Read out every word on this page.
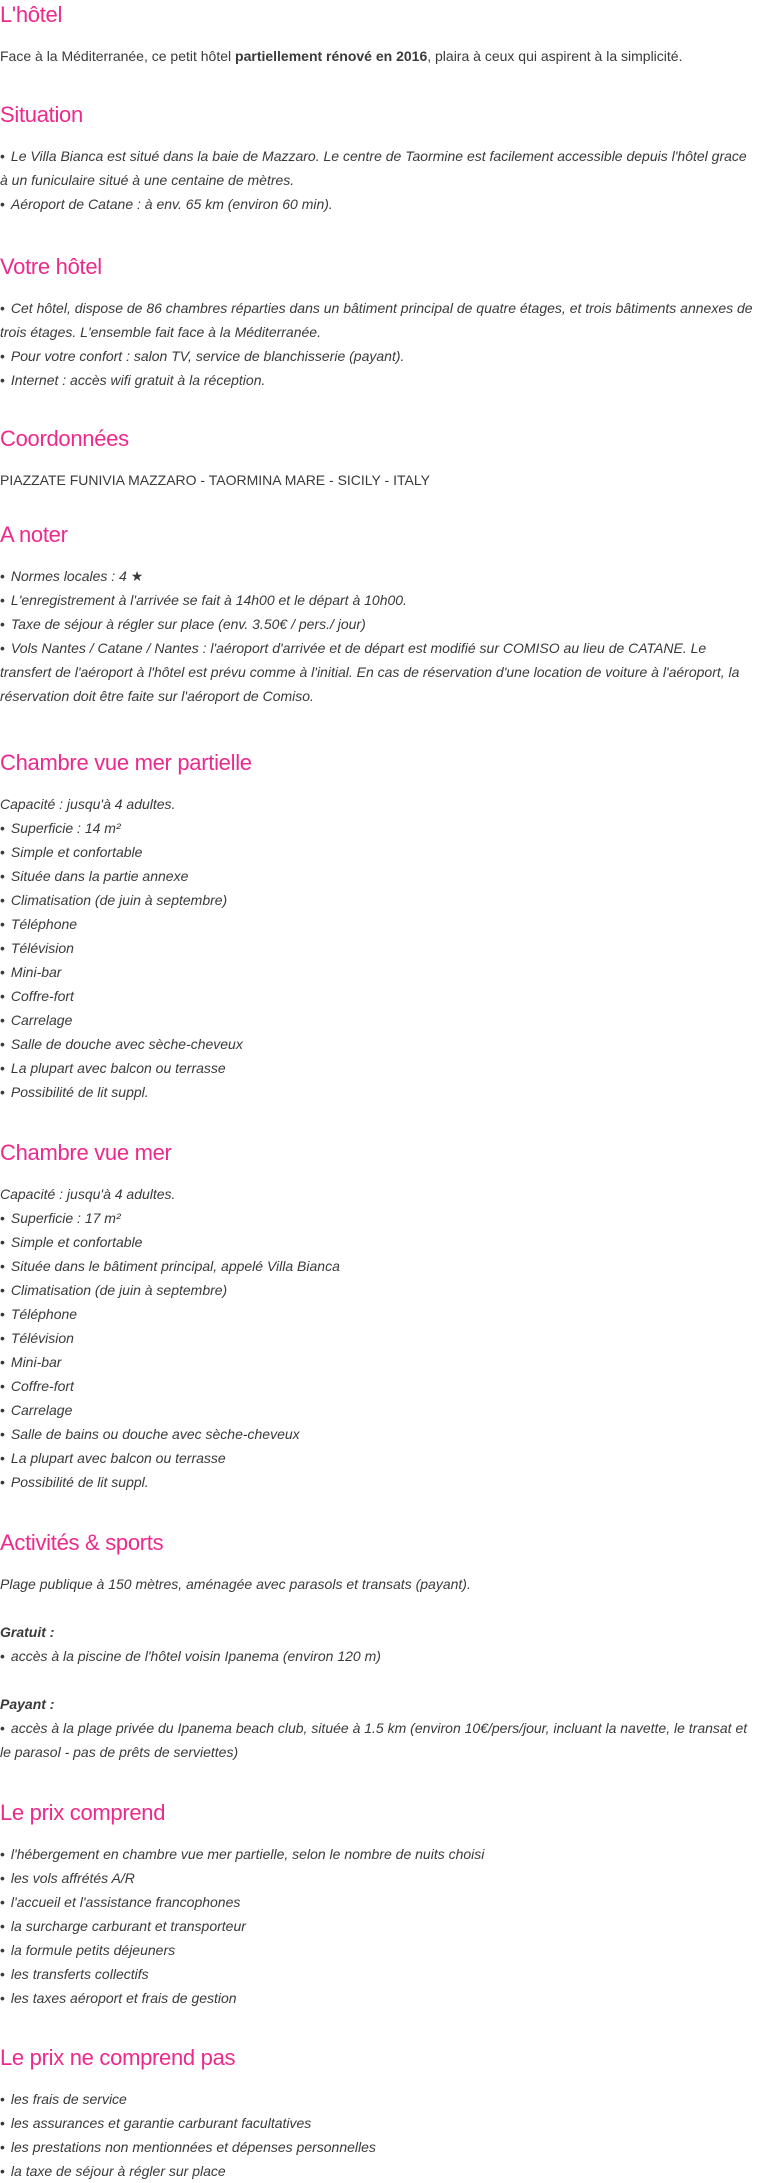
L'hôtel

Face à la Méditerranée, ce petit hôtel partiellement rénové en 2016, plaira à ceux qui aspirent à la simplicité.

Situation
• Le Villa Bianca est situé dans la baie de Mazzaro. Le centre de Taormine est facilement accessible depuis l'hôtel grace à un funiculaire situé à une centaine de mètres.
• Aéroport de Catane : à env. 65 km (environ 60 min).
Votre hôtel
• Cet hôtel, dispose de 86 chambres réparties dans un bâtiment principal de quatre étages, et trois bâtiments annexes de trois étages. L'ensemble fait face à la Méditerranée.
• Pour votre confort : salon TV, service de blanchisserie (payant).
• Internet : accès wifi gratuit à la réception.
Coordonnées

PIAZZATE FUNIVIA MAZZARO - TAORMINA MARE - SICILY - ITALY

A noter
• Normes locales : 4 ★
• L'enregistrement à l'arrivée se fait à 14h00 et le départ à 10h00.
• Taxe de séjour à régler sur place (env. 3.50€ / pers./ jour)
• Vols Nantes / Catane / Nantes : l'aéroport d'arrivée et de départ est modifié sur COMISO au lieu de CATANE. Le transfert de l'aéroport à l'hôtel est prévu comme à l'initial. En cas de réservation d'une location de voiture à l'aéroport, la réservation doit être faite sur l'aéroport de Comiso.
Chambre vue mer partielle

Capacité : jusqu'à 4 adultes.

• Superficie : 14 m²
• Simple et confortable
• Située dans la partie annexe
• Climatisation (de juin à septembre)
• Téléphone
• Télévision
• Mini-bar
• Coffre-fort
• Carrelage
• Salle de douche avec sèche-cheveux
• La plupart avec balcon ou terrasse
• Possibilité de lit suppl.
Chambre vue mer

Capacité : jusqu'à 4 adultes.

• Superficie : 17 m²
• Simple et confortable
• Située dans le bâtiment principal, appelé Villa Bianca
• Climatisation (de juin à septembre)
• Téléphone
• Télévision
• Mini-bar
• Coffre-fort
• Carrelage
• Salle de bains ou douche avec sèche-cheveux
• La plupart avec balcon ou terrasse
• Possibilité de lit suppl.
Activités & sports

Plage publique à 150 mètres, aménagée avec parasols et transats (payant).

Gratuit :

• accès à la piscine de l'hôtel voisin Ipanema (environ 120 m)

Payant :

• accès à la plage privée du Ipanema beach club, située à 1.5 km (environ 10€/pers/jour, incluant la navette, le transat et le parasol - pas de prêts de serviettes)
Le prix comprend
• l'hébergement en chambre vue mer partielle, selon le nombre de nuits choisi
• les vols affrétés A/R
• l'accueil et l'assistance francophones
• la surcharge carburant et transporteur
• la formule petits déjeuners
• les transferts collectifs
• les taxes aéroport et frais de gestion
Le prix ne comprend pas
• les frais de service
• les assurances et garantie carburant facultatives
• les prestations non mentionnées et dépenses personnelles
• la taxe de séjour à régler sur place
